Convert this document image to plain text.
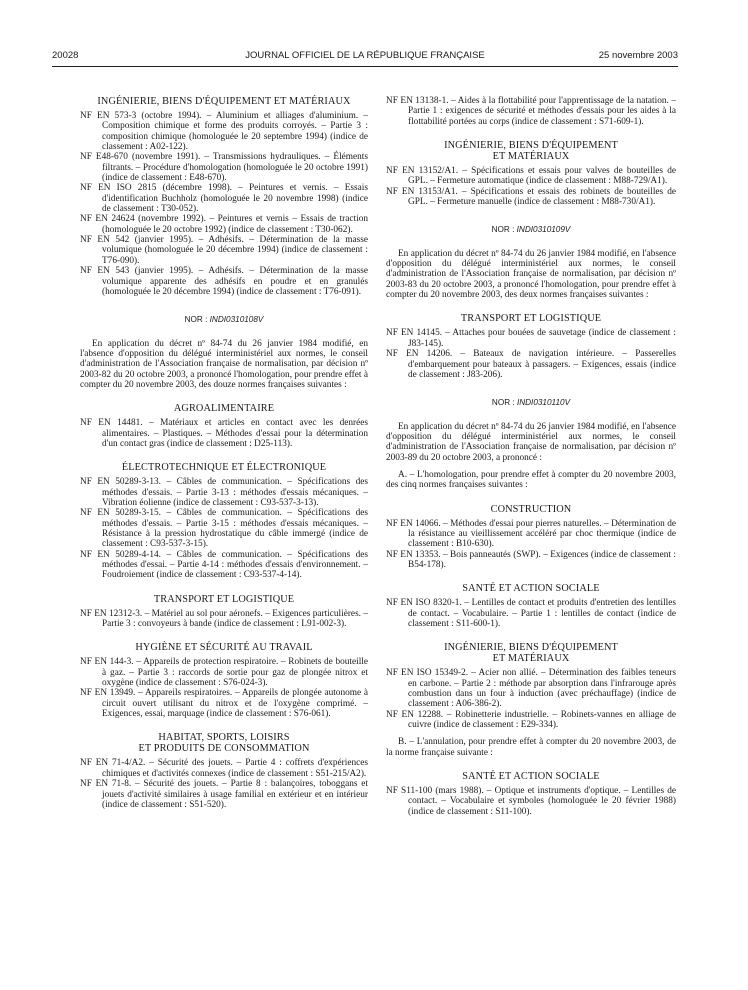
20028	JOURNAL OFFICIEL DE LA RÉPUBLIQUE FRANÇAISE	25 novembre 2003

INGÉNIERIE, BIENS D'ÉQUIPEMENT ET MATÉRIAUX

NF EN 573-3 (octobre 1994). – Aluminium et alliages d'aluminium. – Composition chimique et forme des produits corroyés. – Partie 3 : composition chimique (homologuée le 20 septembre 1994) (indice de classement : A02-122).

NF E48-670 (novembre 1991). – Transmissions hydrauliques. – Éléments filtrants. – Procédure d'homologation (homologuée le 20 octobre 1991) (indice de classement : E48-670).

NF EN ISO 2815 (décembre 1998). – Peintures et vernis. – Essais d'identification Buchholz (homologuée le 20 novembre 1998) (indice de classement : T30-052).

NF EN 24624 (novembre 1992). – Peintures et vernis – Essais de traction (homologuée le 20 octobre 1992) (indice de classement : T30-062).

NF EN 542 (janvier 1995). – Adhésifs. – Détermination de la masse volumique (homologuée le 20 décembre 1994) (indice de classement : T76-090).

NF EN 543 (janvier 1995). – Adhésifs. – Détermination de la masse volumique apparente des adhésifs en poudre et en granulés (homologuée le 20 décembre 1994) (indice de classement : T76-091).

NOR : INDI0310108V

En application du décret nº 84-74 du 26 janvier 1984 modifié, en l'absence d'opposition du délégué interministériel aux normes, le conseil d'administration de l'Association française de normalisation, par décision nº 2003-82 du 20 octobre 2003, a prononcé l'homologation, pour prendre effet à compter du 20 novembre 2003, des douze normes françaises suivantes :

AGROALIMENTAIRE

NF EN 14481. – Matériaux et articles en contact avec les denrées alimentaires. – Plastiques. – Méthodes d'essai pour la détermination d'un contact gras (indice de classement : D25-113).

ÉLECTROTECHNIQUE ET ÉLECTRONIQUE

NF EN 50289-3-13. – Câbles de communication. – Spécifications des méthodes d'essais. – Partie 3-13 : méthodes d'essais mécaniques. – Vibration éolienne (indice de classement : C93-537-3-13).

NF EN 50289-3-15. – Câbles de communication. – Spécifications des méthodes d'essais. – Partie 3-15 : méthodes d'essais mécaniques. – Résistance à la pression hydrostatique du câble immergé (indice de classement : C93-537-3-15).

NF EN 50289-4-14. – Câbles de communication. – Spécifications des méthodes d'essai. – Partie 4-14 : méthodes d'essais d'environnement. – Foudroiement (indice de classement : C93-537-4-14).

TRANSPORT ET LOGISTIQUE

NF EN 12312-3. – Matériel au sol pour aéronefs. – Exigences particulières. – Partie 3 : convoyeurs à bande (indice de classement : L91-002-3).

HYGIÈNE ET SÉCURITÉ AU TRAVAIL

NF EN 144-3. – Appareils de protection respiratoire. – Robinets de bouteille à gaz. – Partie 3 : raccords de sortie pour gaz de plongée nitrox et oxygène (indice de classement : S76-024-3).

NF EN 13949. – Appareils respiratoires. – Appareils de plongée autonome à circuit ouvert utilisant du nitrox et de l'oxygène comprimé. – Exigences, essai, marquage (indice de classement : S76-061).

HABITAT, SPORTS, LOISIRS

ET PRODUITS DE CONSOMMATION

NF EN 71-4/A2. – Sécurité des jouets. – Partie 4 : coffrets d'expériences chimiques et d'activités connexes (indice de classement : S51-215/A2).

NF EN 71-8. – Sécurité des jouets. – Partie 8 : balançoires, toboggans et jouets d'activité similaires à usage familial en extérieur et en intérieur (indice de classement : S51-520).

NF EN 13138-1. – Aides à la flottabilité pour l'apprentissage de la natation. – Partie 1 : exigences de sécurité et méthodes d'essais pour les aides à la flottabilité portées au corps (indice de classement : S71-609-1).

INGÉNIERIE, BIENS D'ÉQUIPEMENT

ET MATÉRIAUX

NF EN 13152/A1. – Spécifications et essais pour valves de bouteilles de GPL. – Fermeture automatique (indice de classement : M88-729/A1).

NF EN 13153/A1. – Spécifications et essais des robinets de bouteilles de GPL. – Fermeture manuelle (indice de classement : M88-730/A1).

NOR : INDI0310109V

En application du décret nº 84-74 du 26 janvier 1984 modifié, en l'absence d'opposition du délégué interministériel aux normes, le conseil d'administration de l'Association française de normalisation, par décision nº 2003-83 du 20 octobre 2003, a prononcé l'homologation, pour prendre effet à compter du 20 novembre 2003, des deux normes françaises suivantes :

TRANSPORT ET LOGISTIQUE

NF EN 14145. – Attaches pour bouées de sauvetage (indice de classement : J83-145).

NF EN 14206. – Bateaux de navigation intérieure. – Passerelles d'embarquement pour bateaux à passagers. – Exigences, essais (indice de classement : J83-206).

NOR : INDI0310110V

En application du décret nº 84-74 du 26 janvier 1984 modifié, en l'absence d'opposition du délégué interministériel aux normes, le conseil d'administration de l'Association française de normalisation, par décision nº 2003-89 du 20 octobre 2003, a prononcé :

A. – L'homologation, pour prendre effet à compter du 20 novembre 2003, des cinq normes françaises suivantes :

CONSTRUCTION

NF EN 14066. – Méthodes d'essai pour pierres naturelles. – Détermination de la résistance au vieillissement accéléré par choc thermique (indice de classement : B10-630).

NF EN 13353. – Bois panneautés (SWP). – Exigences (indice de classement : B54-178).

SANTÉ ET ACTION SOCIALE

NF EN ISO 8320-1. – Lentilles de contact et produits d'entretien des lentilles de contact. – Vocabulaire. – Partie 1 : lentilles de contact (indice de classement : S11-600-1).

INGÉNIERIE, BIENS D'ÉQUIPEMENT

ET MATÉRIAUX

NF EN ISO 15349-2. – Acier non allié. – Détermination des faibles teneurs en carbone. – Partie 2 : méthode par absorption dans l'infrarouge après combustion dans un four à induction (avec préchauffage) (indice de classement : A06-386-2).

NF EN 12288. – Robinetterie industrielle. – Robinets-vannes en alliage de cuivre (indice de classement : E29-334).

B. – L'annulation, pour prendre effet à compter du 20 novembre 2003, de la norme française suivante :

SANTÉ ET ACTION SOCIALE

NF S11-100 (mars 1988). – Optique et instruments d'optique. – Lentilles de contact. – Vocabulaire et symboles (homologuée le 20 février 1988) (indice de classement : S11-100).
